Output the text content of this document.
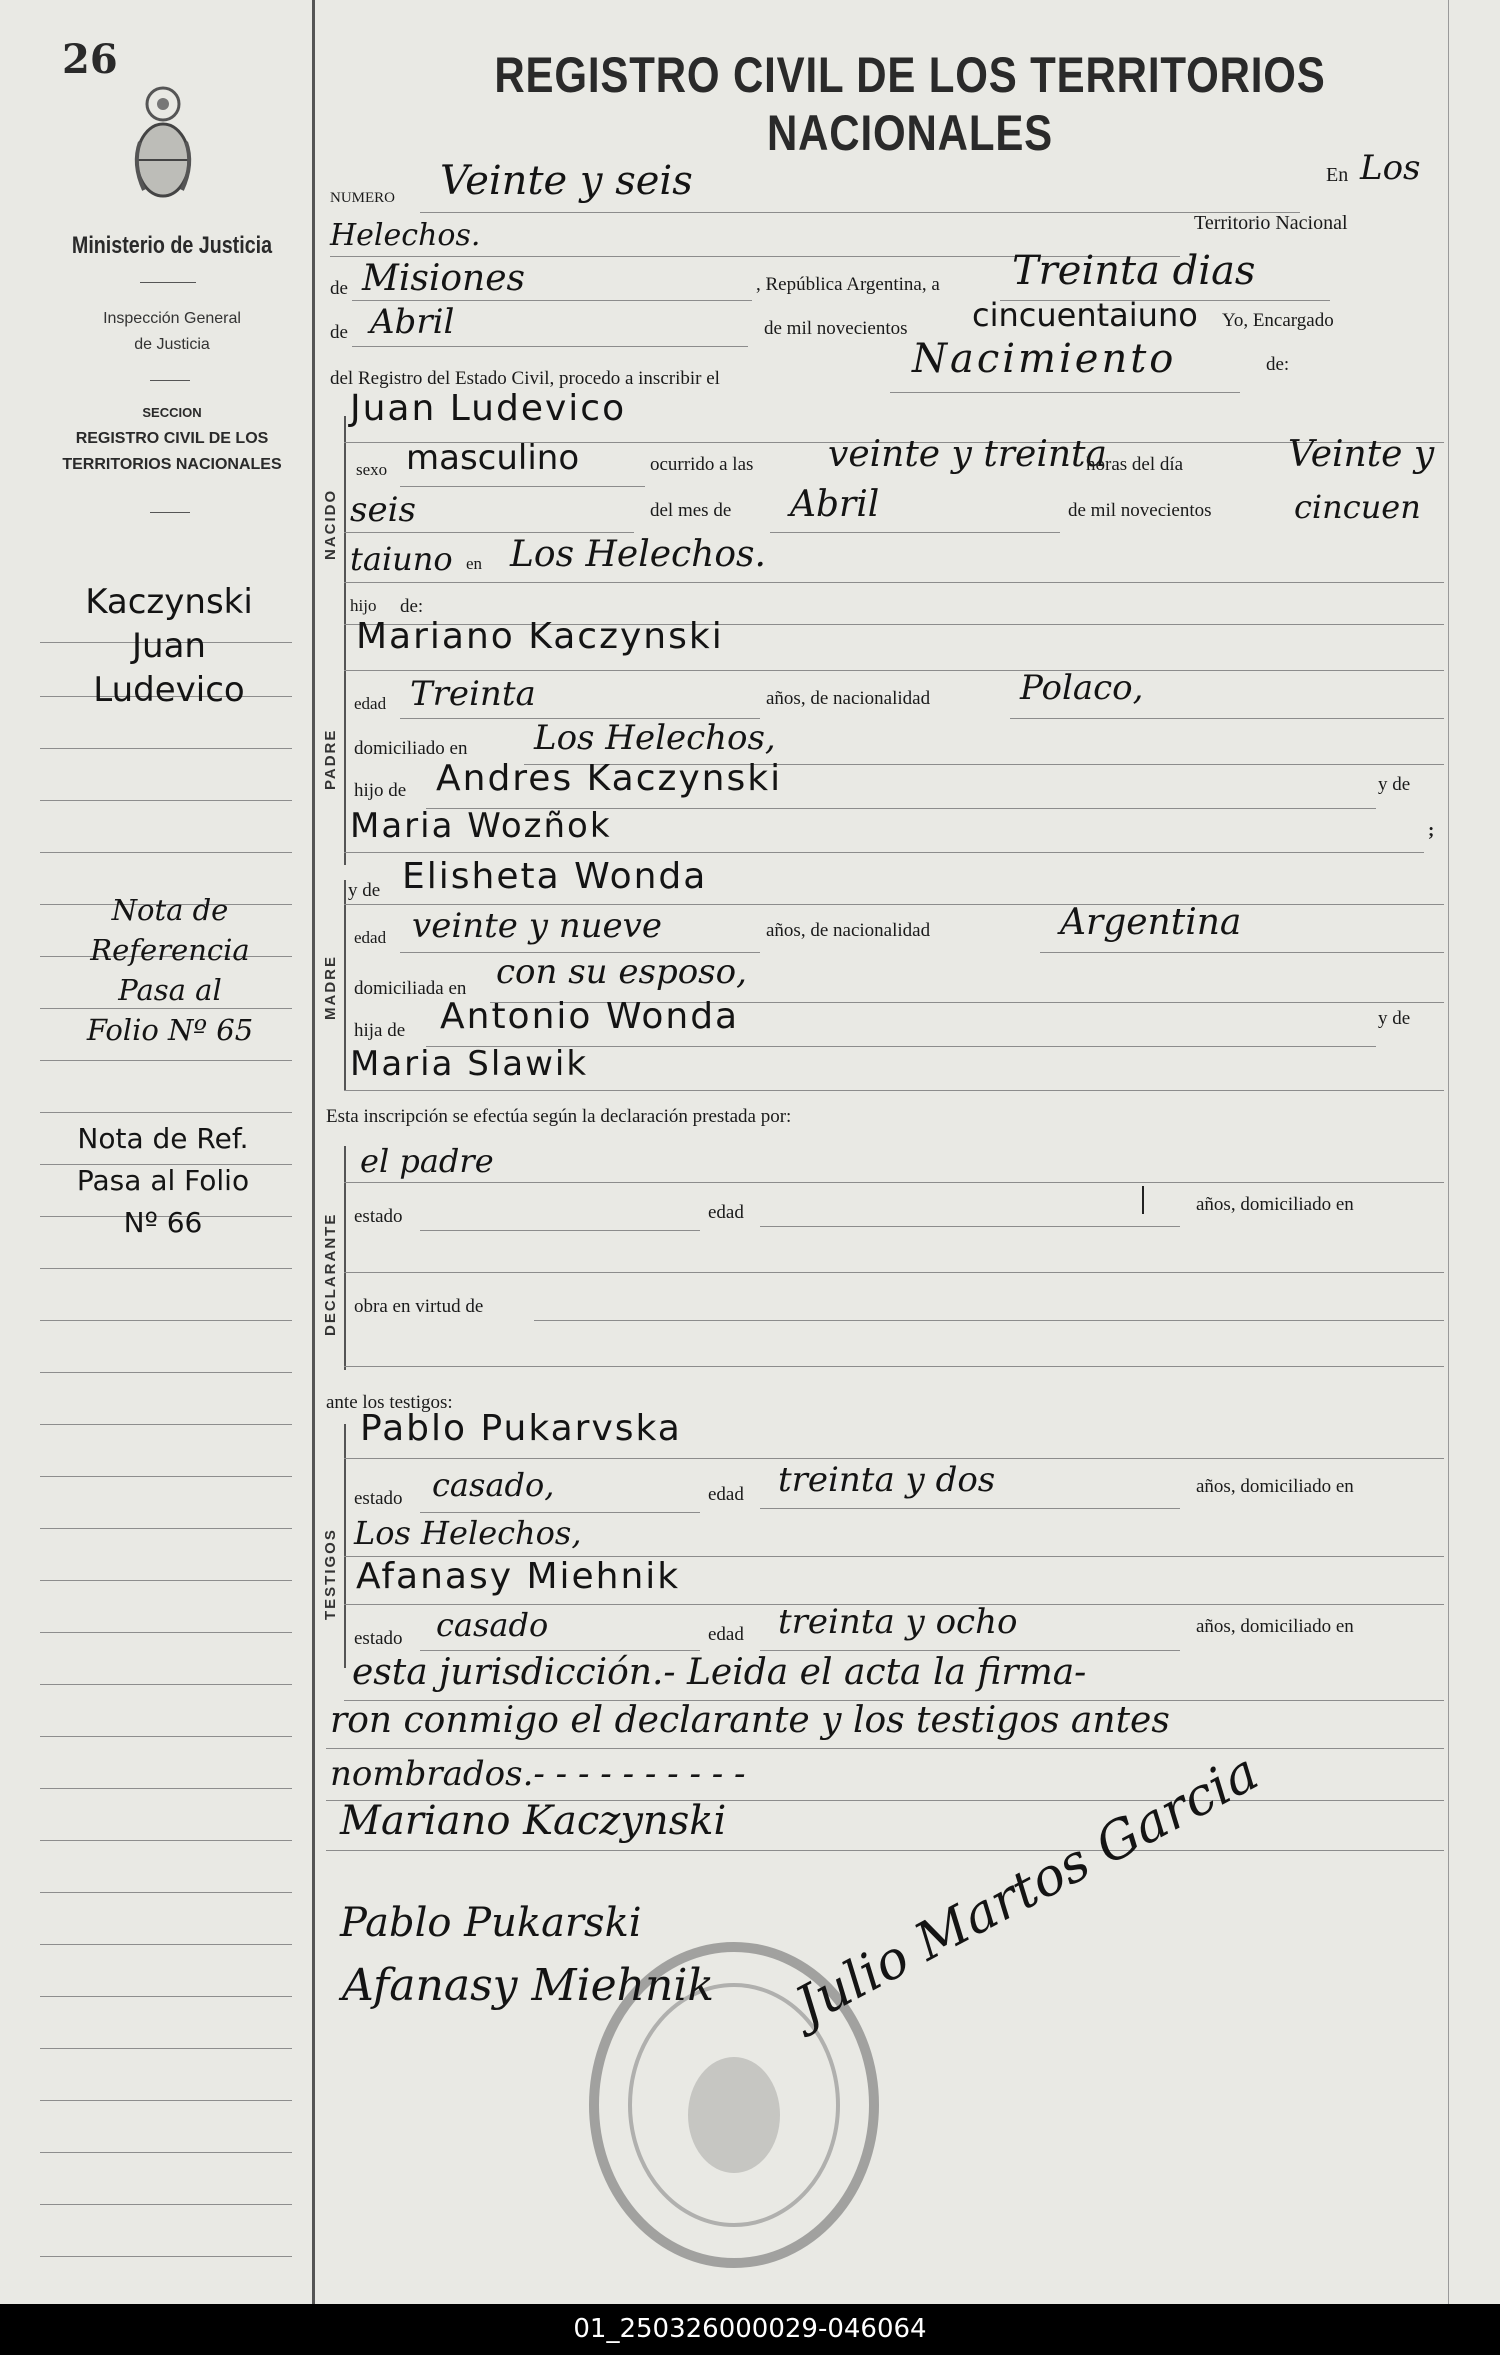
26
Ministerio de Justicia
Inspección General
de Justicia
SECCION
REGISTRO CIVIL DE LOS
TERRITORIOS NACIONALES
Kaczynski
Juan
Ludevico
Nota de
Referencia
Pasa al
Folio Nº 65
Nota de Ref.
Pasa al Folio
Nº 66
REGISTRO CIVIL DE LOS TERRITORIOS NACIONALES
NUMERO Veinte y seis	En Los
Helechos.	Territorio Nacional
de Misiones	, República Argentina, a Treinta dias
de Abril	de mil novecientos cincuentaiuno Yo, Encargado
del Registro del Estado Civil, procedo a inscribir el	Nacimiento	de:
NACIDO
Juan Ludevico
sexo masculino	ocurrido a las veinte y treinta
horas del día	Veinte y
seis	del mes de Abril	de mil novecientos	cincuen
taiuno en Los Helechos.
hijo de:
PADRE
Mariano Kaczynski
edad Treinta	años, de nacionalidad	Polaco,
domiciliado en Los Helechos,
hijo de Andres Kaczynski	y de
Maria Wozñok	;
MADRE
y de Elisheta Wonda
edad veinte y nueve	años, de nacionalidad	Argentina
domiciliada en con su esposo,
hija de Antonio Wonda	y de
Maria Slawik
Esta inscripción se efectúa según la declaración prestada por:
DECLARANTE
el padre
estado	edad	años, domiciliado en
obra en virtud de
ante los testigos:
TESTIGOS
Pablo Pukarvska
estado casado,	edad treinta y dos	años, domiciliado en
Los Helechos,
Afanasy Miehnik
estado casado	edad treinta y ocho	años, domiciliado en
esta jurisdicción.- Leida el acta la firma-
ron conmigo el declarante y los testigos antes
nombrados.- - - - - - - - - -
Mariano Kaczynski
Pablo Pukarski
Afanasy Miehnik Julio Martos Garcia
01_250326000029-046064
